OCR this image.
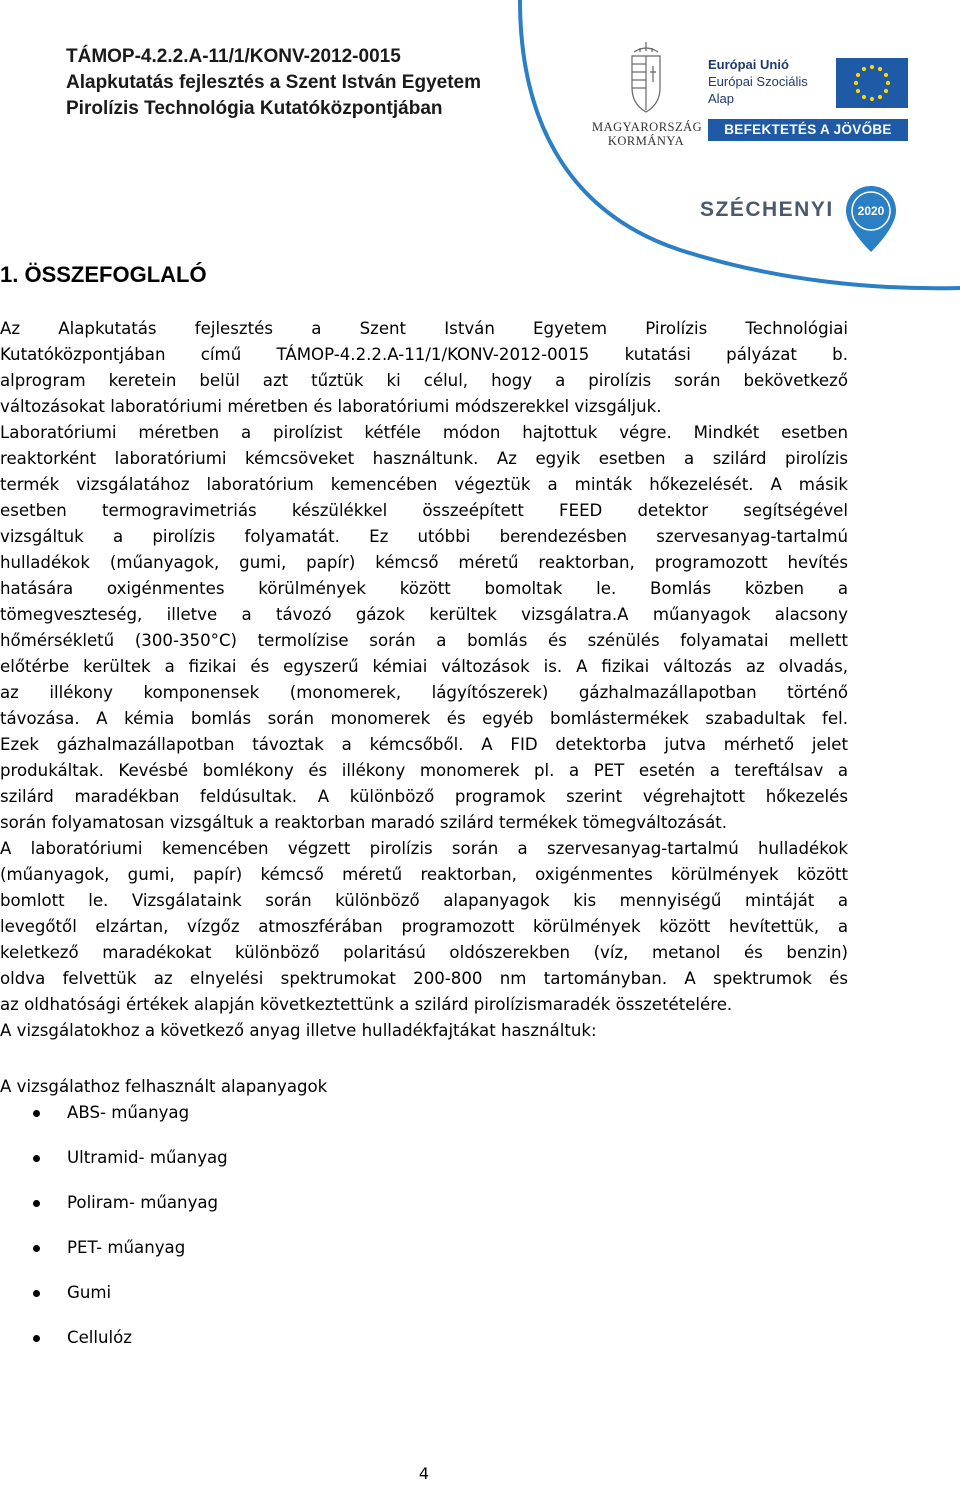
TÁMOP-4.2.2.A-11/1/KONV-2012-0015
Alapkutatás fejlesztés a Szent István Egyetem
Pirolízis Technológia Kutatóközpontjában
MAGYARORSZÁG
KORMÁNYA
Európai Unió
Európai Szociális
Alap
BEFEKTETÉS A JÖVŐBE
SZÉCHENYI 2020
1. ÖSSZEFOGLALÓ
Az Alapkutatás fejlesztés a Szent István Egyetem Pirolízis Technológiai
Kutatóközpontjában című TÁMOP-4.2.2.A-11/1/KONV-2012-0015 kutatási pályázat b.
alprogram keretein belül azt tűztük ki célul, hogy a pirolízis során bekövetkező
változásokat laboratóriumi méretben és laboratóriumi módszerekkel vizsgáljuk.
Laboratóriumi méretben a pirolízist kétféle módon hajtottuk végre. Mindkét esetben
reaktorként laboratóriumi kémcsöveket használtunk. Az egyik esetben a szilárd pirolízis
termék vizsgálatához laboratórium kemencében végeztük a minták hőkezelését. A másik
esetben termogravimetriás készülékkel összeépített FEED detektor segítségével
vizsgáltuk a pirolízis folyamatát. Ez utóbbi berendezésben szervesanyag-tartalmú
hulladékok (műanyagok, gumi, papír) kémcső méretű reaktorban, programozott hevítés
hatására oxigénmentes körülmények között bomoltak le. Bomlás közben a
tömegveszteség, illetve a távozó gázok kerültek vizsgálatra.A műanyagok alacsony
hőmérsékletű (300-350°C) termolízise során a bomlás és szénülés folyamatai mellett
előtérbe kerültek a fizikai és egyszerű kémiai változások is. A fizikai változás az olvadás,
az illékony komponensek (monomerek, lágyítószerek) gázhalmazállapotban történő
távozása. A kémia bomlás során monomerek és egyéb bomlástermékek szabadultak fel.
Ezek gázhalmazállapotban távoztak a kémcsőből. A FID detektorba jutva mérhető jelet
produkáltak. Kevésbé bomlékony és illékony monomerek pl. a PET esetén a tereftálsav a
szilárd maradékban feldúsultak. A különböző programok szerint végrehajtott hőkezelés
során folyamatosan vizsgáltuk a reaktorban maradó szilárd termékek tömegváltozását.
A laboratóriumi kemencében végzett pirolízis során a szervesanyag-tartalmú hulladékok
(műanyagok, gumi, papír) kémcső méretű reaktorban, oxigénmentes körülmények között
bomlott le. Vizsgálataink során különböző alapanyagok kis mennyiségű mintáját a
levegőtől elzártan, vízgőz atmoszférában programozott körülmények között hevítettük, a
keletkező maradékokat különböző polaritású oldószerekben (víz, metanol és benzin)
oldva felvettük az elnyelési spektrumokat 200-800 nm tartományban. A spektrumok és
az oldhatósági értékek alapján következtettünk a szilárd pirolízismaradék összetételére.
A vizsgálatokhoz a következő anyag illetve hulladékfajtákat használtuk:
A vizsgálathoz felhasznált alapanyagok
ABS- műanyag
Ultramid- műanyag
Poliram- műanyag
PET- műanyag
Gumi
Cellulóz
4
